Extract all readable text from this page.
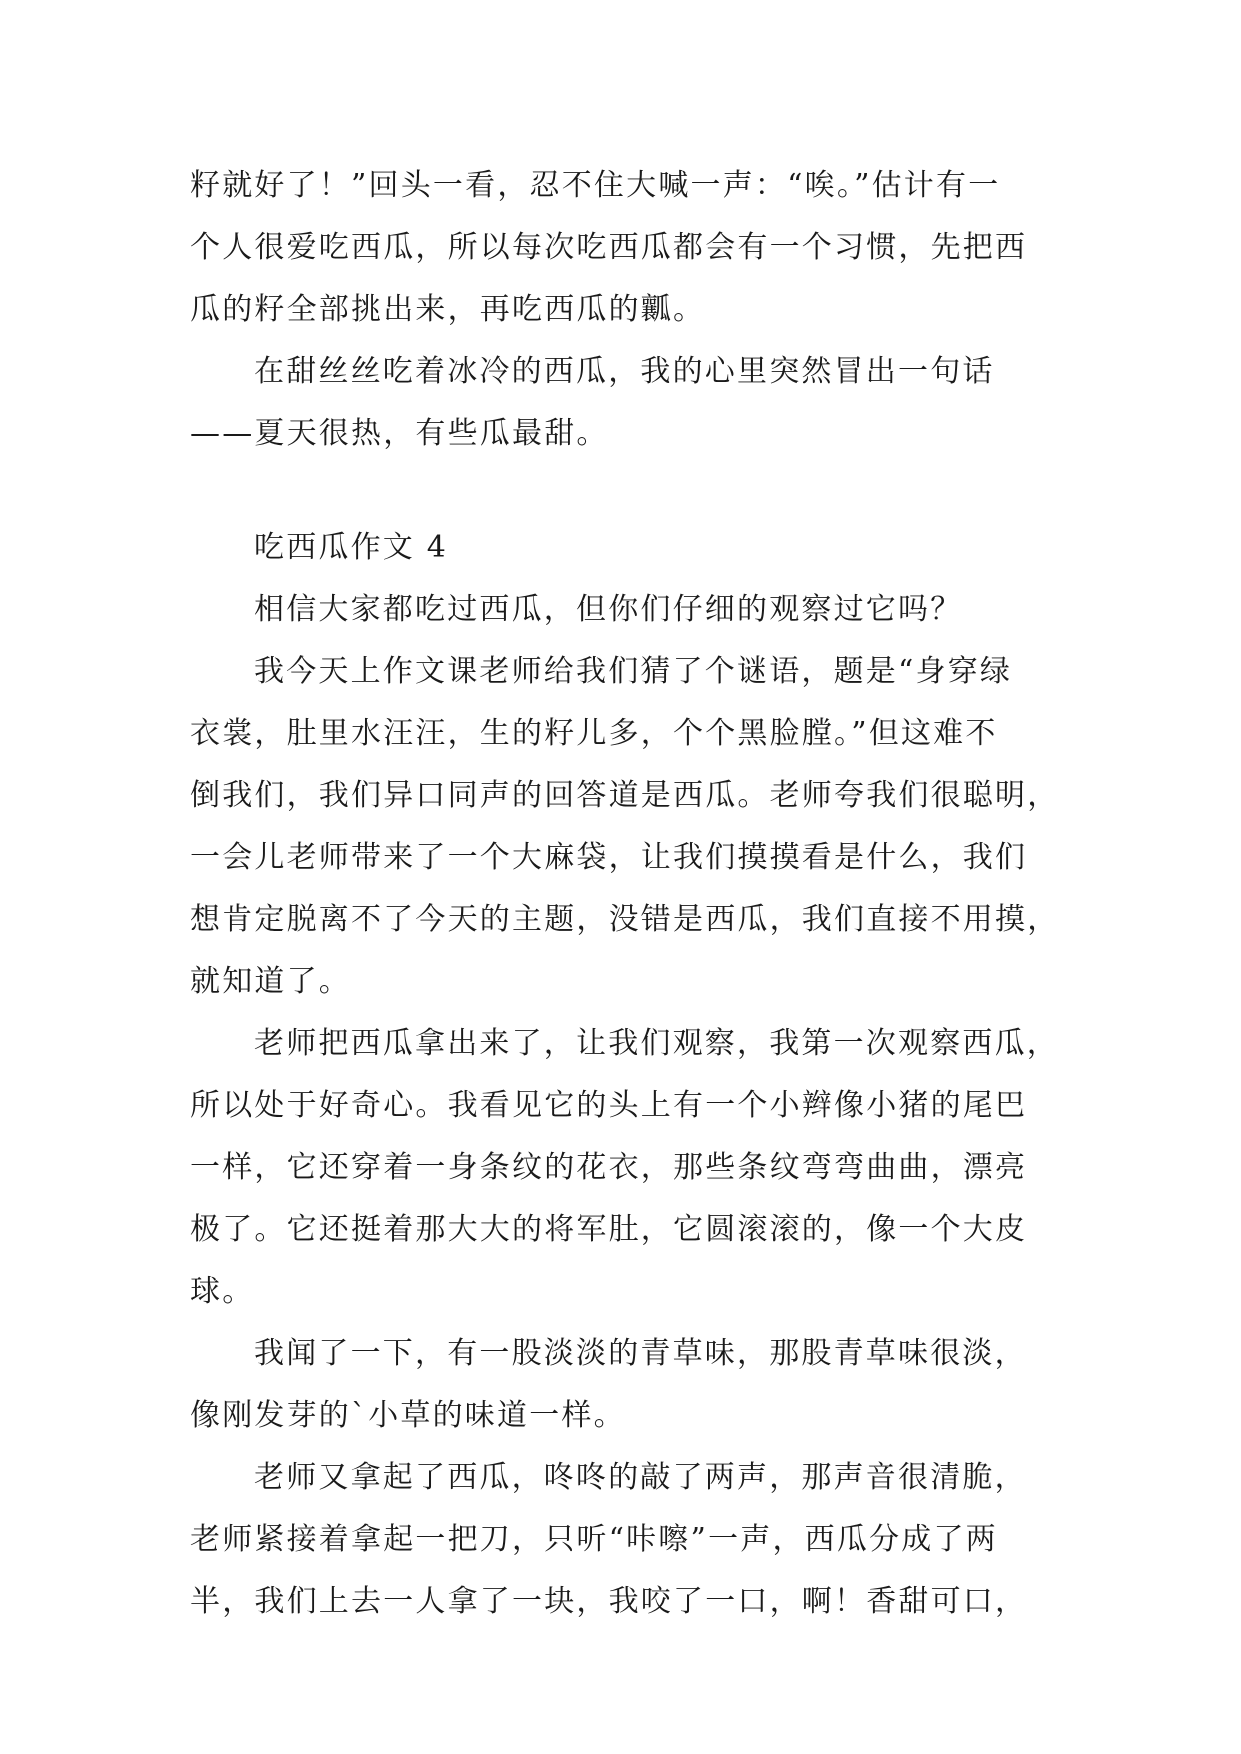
籽就好了！”回头一看，忍不住大喊一声：“唉。”估计有一
个人很爱吃西瓜，所以每次吃西瓜都会有一个习惯，先把西
瓜的籽全部挑出来，再吃西瓜的瓤。
在甜丝丝吃着冰冷的西瓜，我的心里突然冒出一句话
——夏天很热，有些瓜最甜。
吃西瓜作文 4
相信大家都吃过西瓜，但你们仔细的观察过它吗？
我今天上作文课老师给我们猜了个谜语，题是“身穿绿
衣裳，肚里水汪汪，生的籽儿多，个个黑脸膛。”但这难不
倒我们，我们异口同声的回答道是西瓜。老师夸我们很聪明，
一会儿老师带来了一个大麻袋，让我们摸摸看是什么，我们
想肯定脱离不了今天的主题，没错是西瓜，我们直接不用摸，
就知道了。
老师把西瓜拿出来了，让我们观察，我第一次观察西瓜，
所以处于好奇心。我看见它的头上有一个小辫像小猪的尾巴
一样，它还穿着一身条纹的花衣，那些条纹弯弯曲曲，漂亮
极了。它还挺着那大大的将军肚，它圆滚滚的，像一个大皮
球。
我闻了一下，有一股淡淡的青草味，那股青草味很淡，
像刚发芽的`小草的味道一样。
老师又拿起了西瓜，咚咚的敲了两声，那声音很清脆，
老师紧接着拿起一把刀，只听“咔嚓”一声，西瓜分成了两
半，我们上去一人拿了一块，我咬了一口，啊！香甜可口，
